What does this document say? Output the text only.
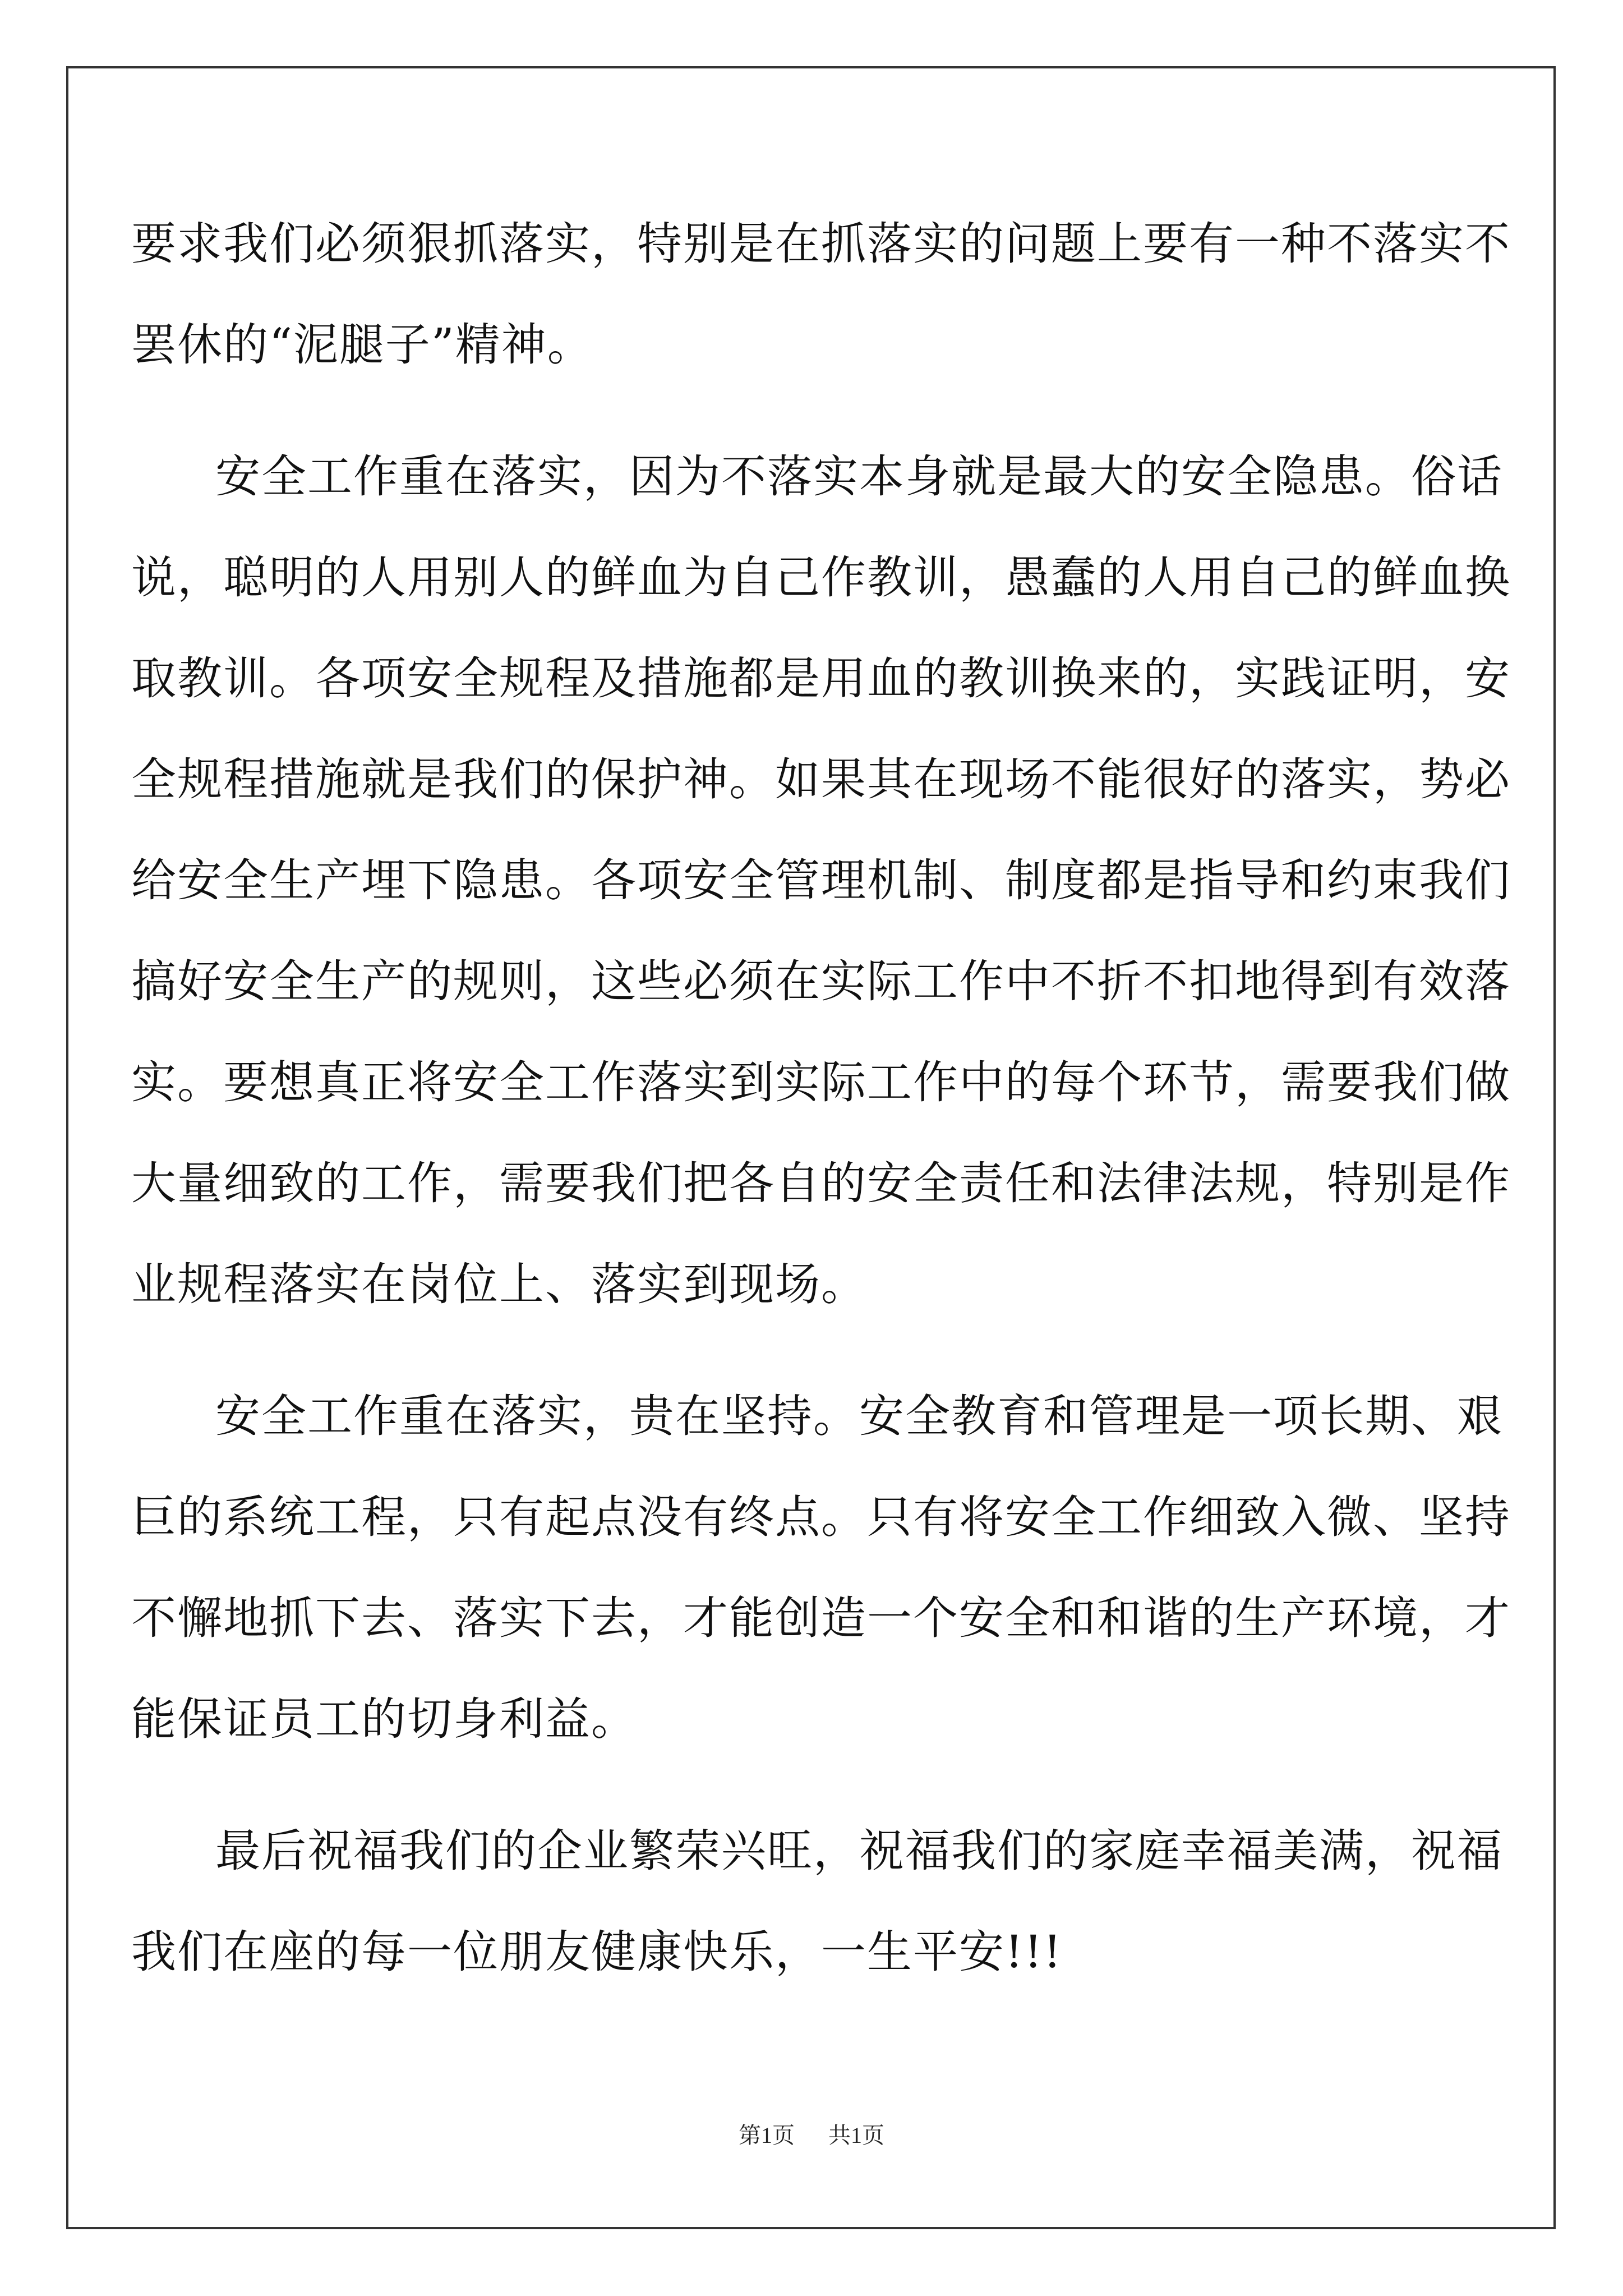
要求我们必须狠抓落实，特别是在抓落实的问题上要有一种不落实不
罢休的“泥腿子”精神。
安全工作重在落实，因为不落实本身就是最大的安全隐患。俗话
说，聪明的人用别人的鲜血为自己作教训，愚蠢的人用自己的鲜血换
取教训。各项安全规程及措施都是用血的教训换来的，实践证明，安
全规程措施就是我们的保护神。如果其在现场不能很好的落实，势必
给安全生产埋下隐患。各项安全管理机制、制度都是指导和约束我们
搞好安全生产的规则，这些必须在实际工作中不折不扣地得到有效落
实。要想真正将安全工作落实到实际工作中的每个环节，需要我们做
大量细致的工作，需要我们把各自的安全责任和法律法规，特别是作
业规程落实在岗位上、落实到现场。
安全工作重在落实，贵在坚持。安全教育和管理是一项长期、艰
巨的系统工程，只有起点没有终点。只有将安全工作细致入微、坚持
不懈地抓下去、落实下去，才能创造一个安全和和谐的生产环境，才
能保证员工的切身利益。
最后祝福我们的企业繁荣兴旺，祝福我们的家庭幸福美满，祝福
我们在座的每一位朋友健康快乐，一生平安!!!
第1页 共1页
